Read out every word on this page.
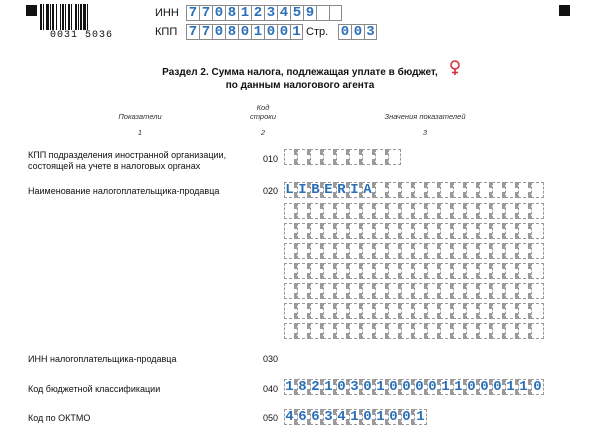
0031 5036
ИНН 7 7 0 8 1 2 3 4 5 9
КПП 7 7 0 8 0 1 0 0 1 Стр. 0 0 3
Раздел 2. Сумма налога, подлежащая уплате в бюджет,
по данным налогового агента
Показатели
Код
строки	Значения показателей
1	2	3
КПП подразделения иностранной организации,
состоящей на учете в налоговых органах
010
Наименование налогоплательщика-продавца	020 L I B E R I A
ИНН налогоплательщика-продавца	030
Код бюджетной классификации	040 1 8 2 1 0 3 0 1 0 0 0 0 1 1 0 0 0 1 1 0
Код по ОКТМО	050 4 6 6 3 4 1 0 1 0 0 1
